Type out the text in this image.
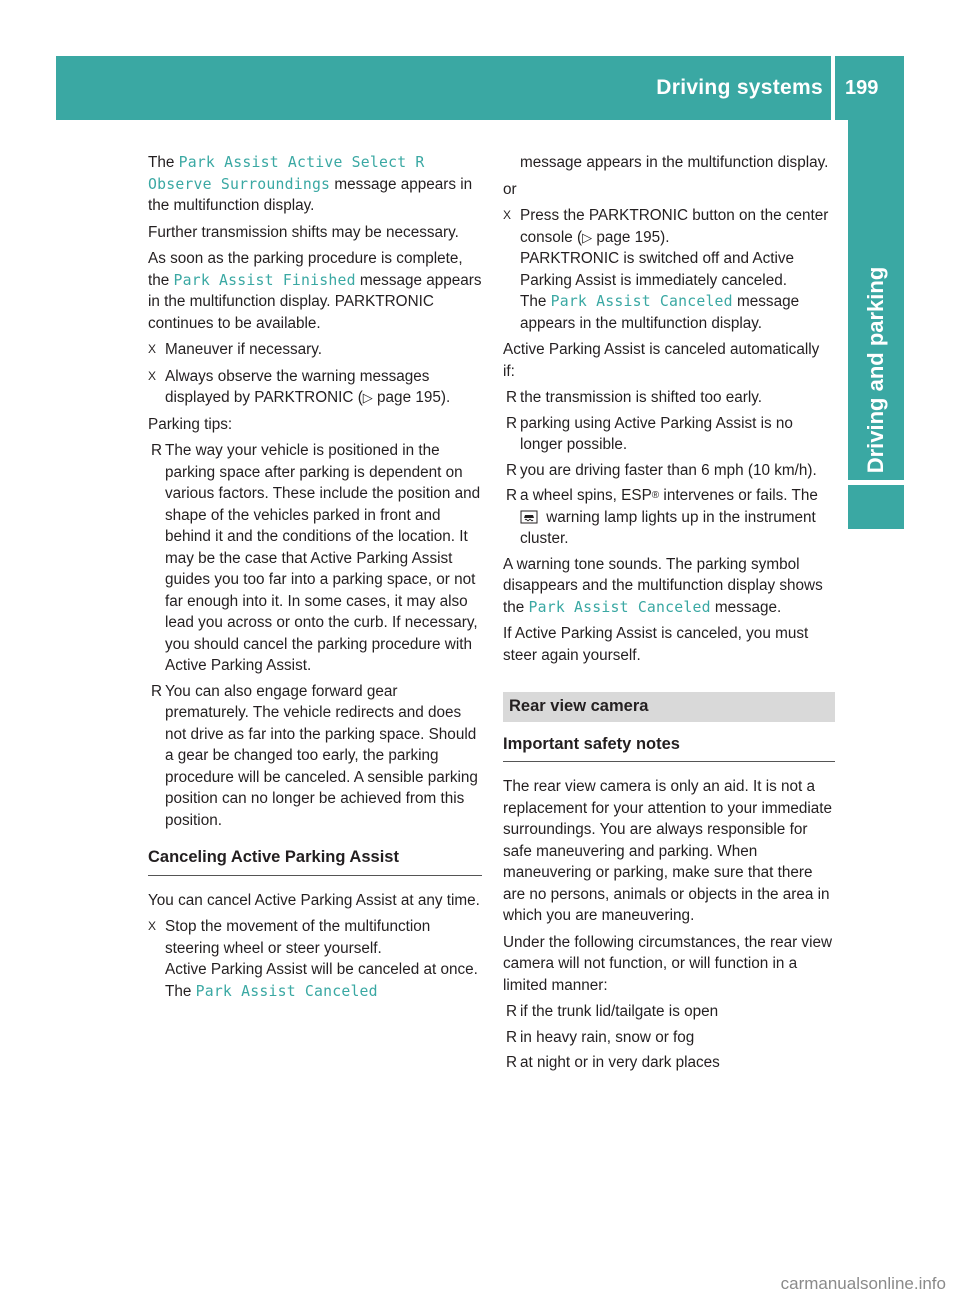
Driving systems 199
Driving and parking

The Park Assist Active Select R Observe Surroundings message appears in the multifunction display.

Further transmission shifts may be necessary.

As soon as the parking procedure is complete, the Park Assist Finished message appears in the multifunction display. PARKTRONIC continues to be available.

X Maneuver if necessary.
X Always observe the warning messages displayed by PARKTRONIC (▷ page 195).

Parking tips:

R The way your vehicle is positioned in the parking space after parking is dependent on various factors. These include the position and shape of the vehicles parked in front and behind it and the conditions of the location. It may be the case that Active Parking Assist guides you too far into a parking space, or not far enough into it. In some cases, it may also lead you across or onto the curb. If necessary, you should cancel the parking procedure with Active Parking Assist.
R You can also engage forward gear prematurely. The vehicle redirects and does not drive as far into the parking space. Should a gear be changed too early, the parking procedure will be canceled. A sensible parking position can no longer be achieved from this position.
Canceling Active Parking Assist

You can cancel Active Parking Assist at any time.

X Stop the movement of the multifunction steering wheel or steer yourself.
Active Parking Assist will be canceled at once. The Park Assist Canceled
message appears in the multifunction display.

or

X Press the PARKTRONIC button on the center console (▷ page 195).
PARKTRONIC is switched off and Active Parking Assist is immediately canceled.
The Park Assist Canceled message appears in the multifunction display.

Active Parking Assist is canceled automatically if:

R the transmission is shifted too early.
R parking using Active Parking Assist is no longer possible.
R you are driving faster than 6 mph (10 km/h).
R a wheel spins, ESP® intervenes or fails. The
warning lamp lights up in the instrument cluster.

A warning tone sounds. The parking symbol disappears and the multifunction display shows the Park Assist Canceled message.

If Active Parking Assist is canceled, you must steer again yourself.

Rear view camera
Important safety notes

The rear view camera is only an aid. It is not a replacement for your attention to your immediate surroundings. You are always responsible for safe maneuvering and parking. When maneuvering or parking, make sure that there are no persons, animals or objects in the area in which you are maneuvering.

Under the following circumstances, the rear view camera will not function, or will function in a limited manner:

R if the trunk lid/tailgate is open
R in heavy rain, snow or fog
R at night or in very dark places
carmanualsonline.info
